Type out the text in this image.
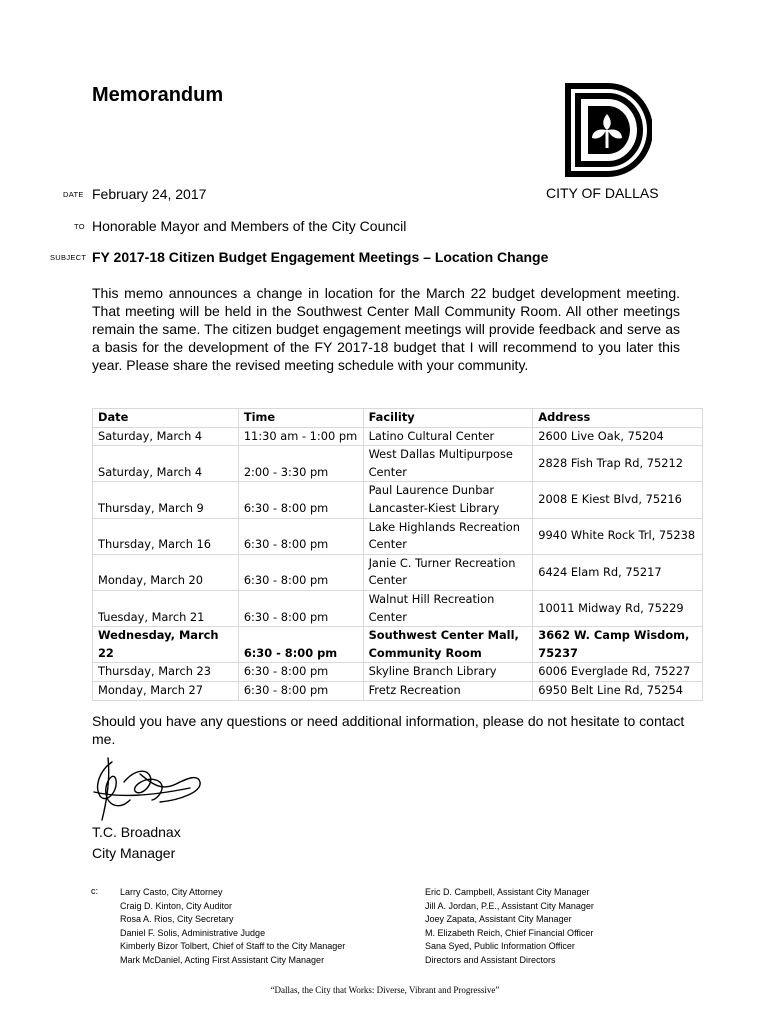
Memorandum
CITY OF DALLAS
DATE February 24, 2017
TO Honorable Mayor and Members of the City Council
SUBJECT FY 2017-18 Citizen Budget Engagement Meetings – Location Change
This memo announces a change in location for the March 22 budget development meeting. That meeting will be held in the Southwest Center Mall Community Room. All other meetings remain the same. The citizen budget engagement meetings will provide feedback and serve as a basis for the development of the FY 2017-18 budget that I will recommend to you later this year. Please share the revised meeting schedule with your community.
Date	Time	Facility	Address
Saturday, March 4	11:30 am - 1:00 pm	Latino Cultural Center	2600 Live Oak, 75204
Saturday, March 4	2:00 - 3:30 pm	West Dallas Multipurpose Center	2828 Fish Trap Rd, 75212
Thursday, March 9	6:30 - 8:00 pm	Paul Laurence Dunbar Lancaster-Kiest Library	2008 E Kiest Blvd, 75216
Thursday, March 16	6:30 - 8:00 pm	Lake Highlands Recreation Center	9940 White Rock Trl, 75238
Monday, March 20	6:30 - 8:00 pm	Janie C. Turner Recreation Center	6424 Elam Rd, 75217
Tuesday, March 21	6:30 - 8:00 pm	Walnut Hill Recreation Center	10011 Midway Rd, 75229
Wednesday, March 22	6:30 - 8:00 pm	Southwest Center Mall, Community Room	3662 W. Camp Wisdom, 75237
Thursday, March 23	6:30 - 8:00 pm	Skyline Branch Library	6006 Everglade Rd, 75227
Monday, March 27	6:30 - 8:00 pm	Fretz Recreation	6950 Belt Line Rd, 75254
Should you have any questions or need additional information, please do not hesitate to contact me.
T.C. Broadnax
City Manager
c: Larry Casto, City Attorney
Craig D. Kinton, City Auditor
Rosa A. Rios, City Secretary
Daniel F. Solis, Administrative Judge
Kimberly Bizor Tolbert, Chief of Staff to the City Manager
Mark McDaniel, Acting First Assistant City Manager
Eric D. Campbell, Assistant City Manager
Jill A. Jordan, P.E., Assistant City Manager
Joey Zapata, Assistant City Manager
M. Elizabeth Reich, Chief Financial Officer
Sana Syed, Public Information Officer
Directors and Assistant Directors
“Dallas, the City that Works: Diverse, Vibrant and Progressive”
